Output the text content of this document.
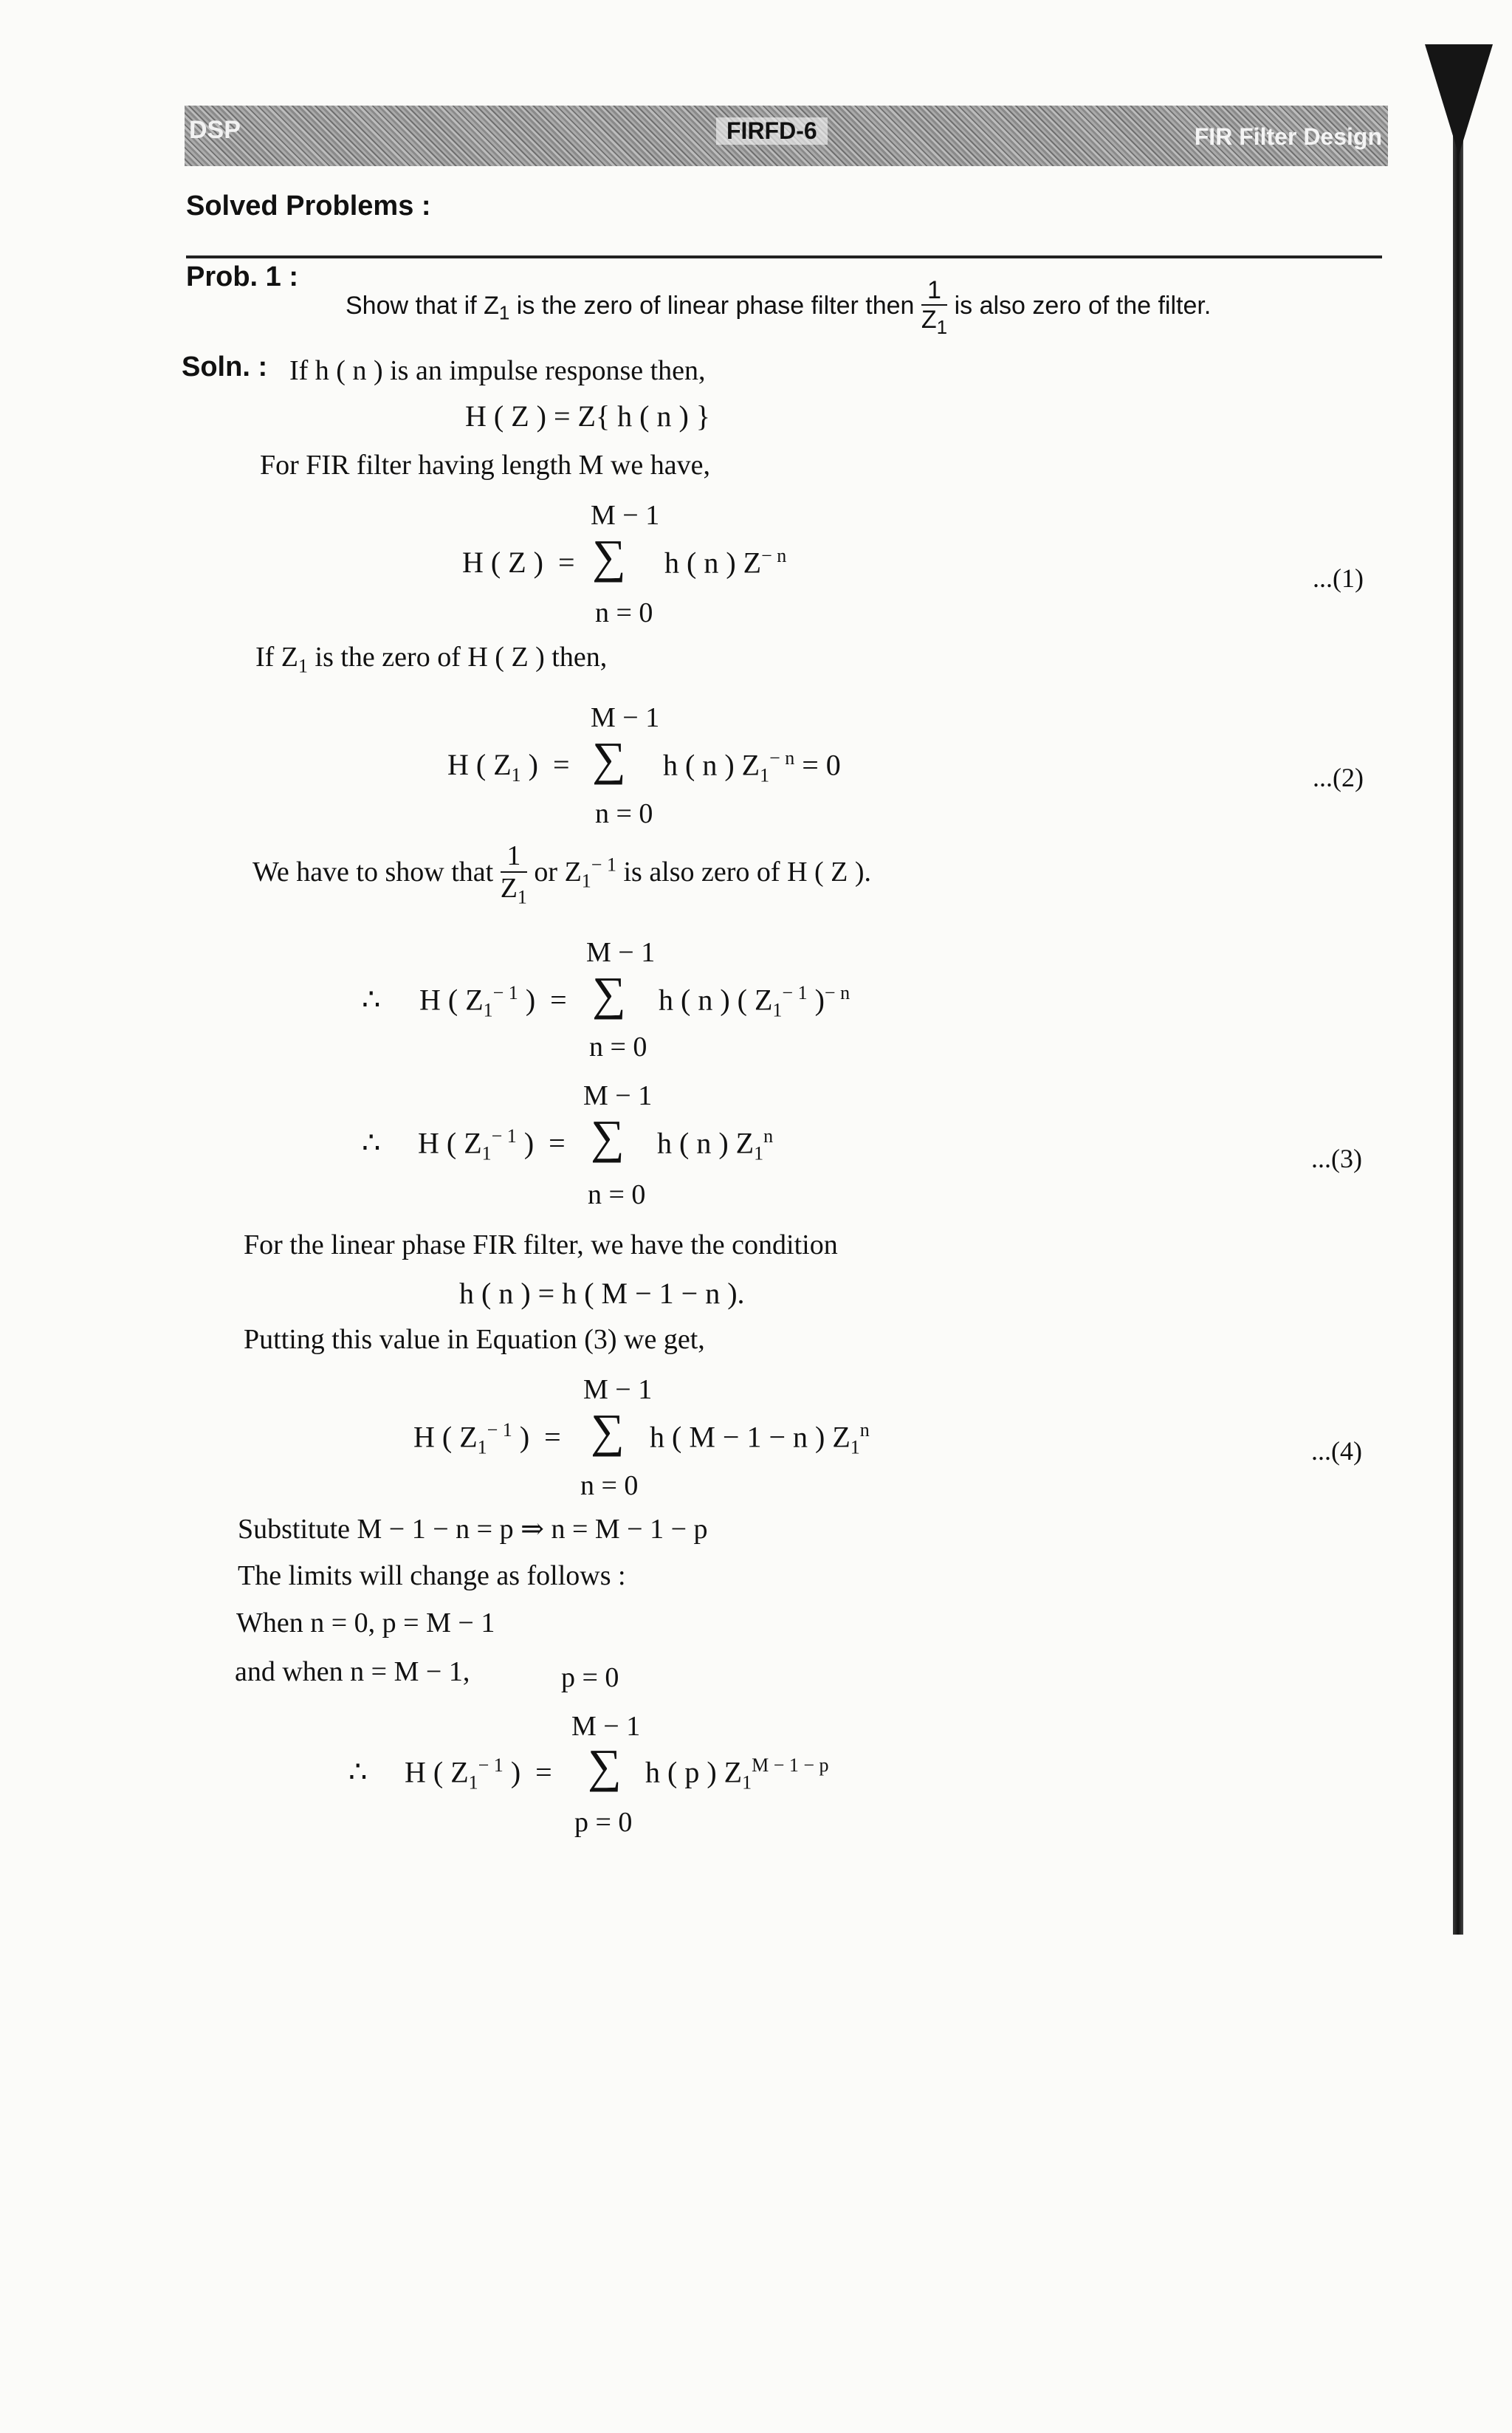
DSP	FIRFD-6	FIR Filter Design
Solved Problems :
Prob. 1 :
Show that if $Z_1$ is the zero of linear phase filter then $\frac{1}{Z_1}$ is also zero of the filter.
Soln. : If h ( n ) is an impulse response then,
H ( Z ) = Z{ h ( n ) }
For FIR filter having length M we have,
M − 1
H ( Z )  = ∑ h ( n ) $Z^{- n}$
n = 0
...(1)
If $Z_1$ is the zero of H ( Z ) then,
M − 1
H ( $Z_1$ )  = ∑ h ( n ) $Z_1^{- n} = 0$
n = 0
...(2)
We have to show that $\frac{1}{Z_1}$ or $Z_1^{- 1}$ is also zero of H ( Z ).
M − 1
∴ H ( $Z_1^{- 1}$ )  = ∑ h ( n ) ( $Z_1^{- 1}$ )$^{- n}$
n = 0
M − 1
∴ H ( $Z_1^{- 1}$ )  = ∑ h ( n ) $Z_1^n$
n = 0
...(3)
For the linear phase FIR filter, we have the condition
h ( n ) = h ( M − 1 − n ).
Putting this value in Equation (3) we get,
M − 1
H ( $Z_1^{- 1}$ )  = ∑ h ( M − 1 − n ) $Z_1^n$
n = 0
...(4)
Substitute M − 1 − n = p ⇒ n = M − 1 − p
The limits will change as follows :
When n = 0, p = M − 1
and when n = M − 1,	p = 0
M − 1
∴ H ( $Z_1^{- 1}$ )  = ∑ h ( p ) $Z_1^{M - 1 - p}$
p = 0
